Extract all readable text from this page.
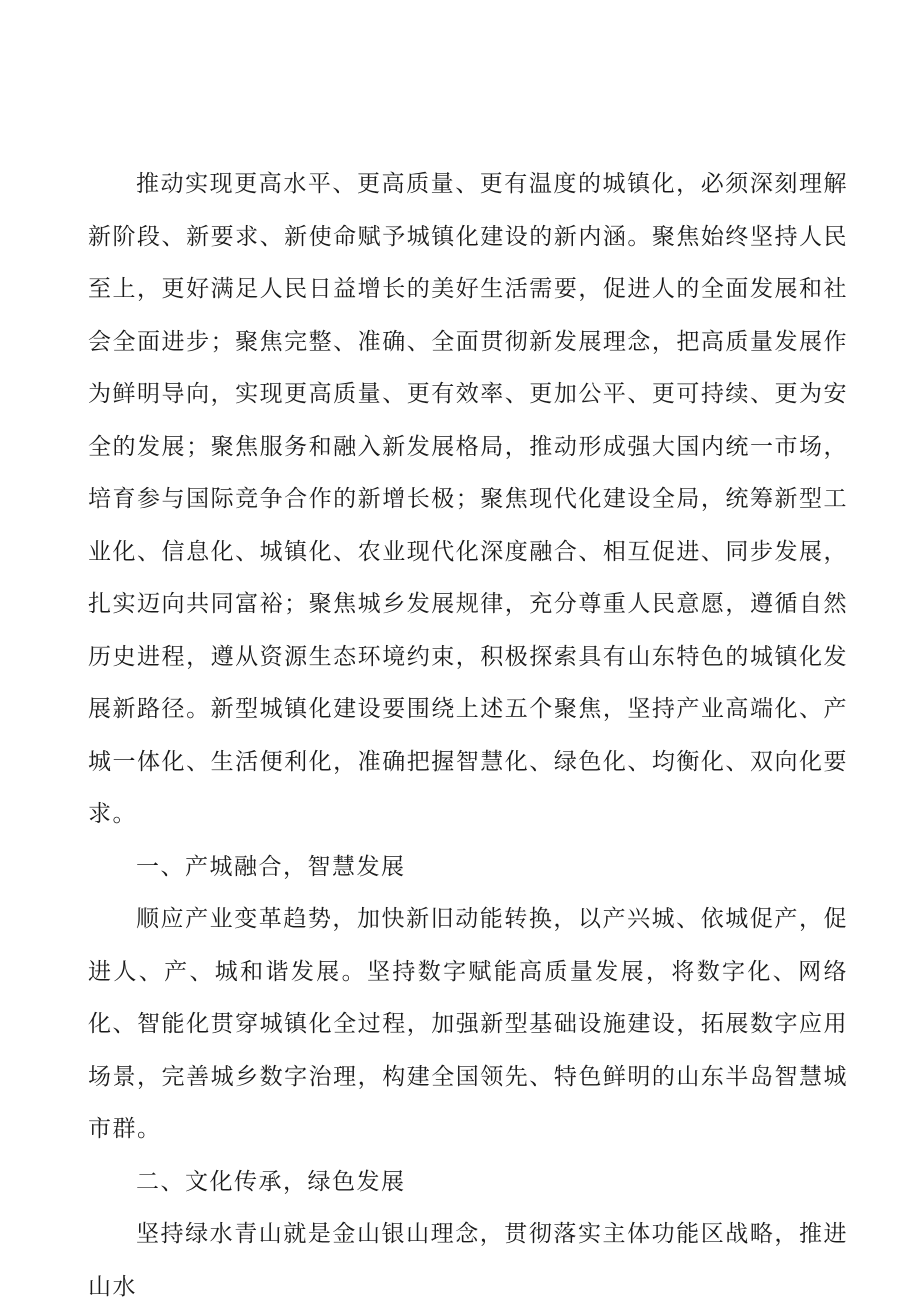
推动实现更高水平、更高质量、更有温度的城镇化，必须深刻理解新阶段、新要求、新使命赋予城镇化建设的新内涵。聚焦始终坚持人民至上，更好满足人民日益增长的美好生活需要，促进人的全面发展和社会全面进步；聚焦完整、准确、全面贯彻新发展理念，把高质量发展作为鲜明导向，实现更高质量、更有效率、更加公平、更可持续、更为安全的发展；聚焦服务和融入新发展格局，推动形成强大国内统一市场，培育参与国际竞争合作的新增长极；聚焦现代化建设全局，统筹新型工业化、信息化、城镇化、农业现代化深度融合、相互促进、同步发展，扎实迈向共同富裕；聚焦城乡发展规律，充分尊重人民意愿，遵循自然历史进程，遵从资源生态环境约束，积极探索具有山东特色的城镇化发展新路径。新型城镇化建设要围绕上述五个聚焦，坚持产业高端化、产城一体化、生活便利化，准确把握智慧化、绿色化、均衡化、双向化要求。

一、产城融合，智慧发展

顺应产业变革趋势，加快新旧动能转换，以产兴城、依城促产，促进人、产、城和谐发展。坚持数字赋能高质量发展，将数字化、网络化、智能化贯穿城镇化全过程，加强新型基础设施建设，拓展数字应用场景，完善城乡数字治理，构建全国领先、特色鲜明的山东半岛智慧城市群。

二、文化传承，绿色发展

坚持绿水青山就是金山银山理念，贯彻落实主体功能区战略，推进山水
